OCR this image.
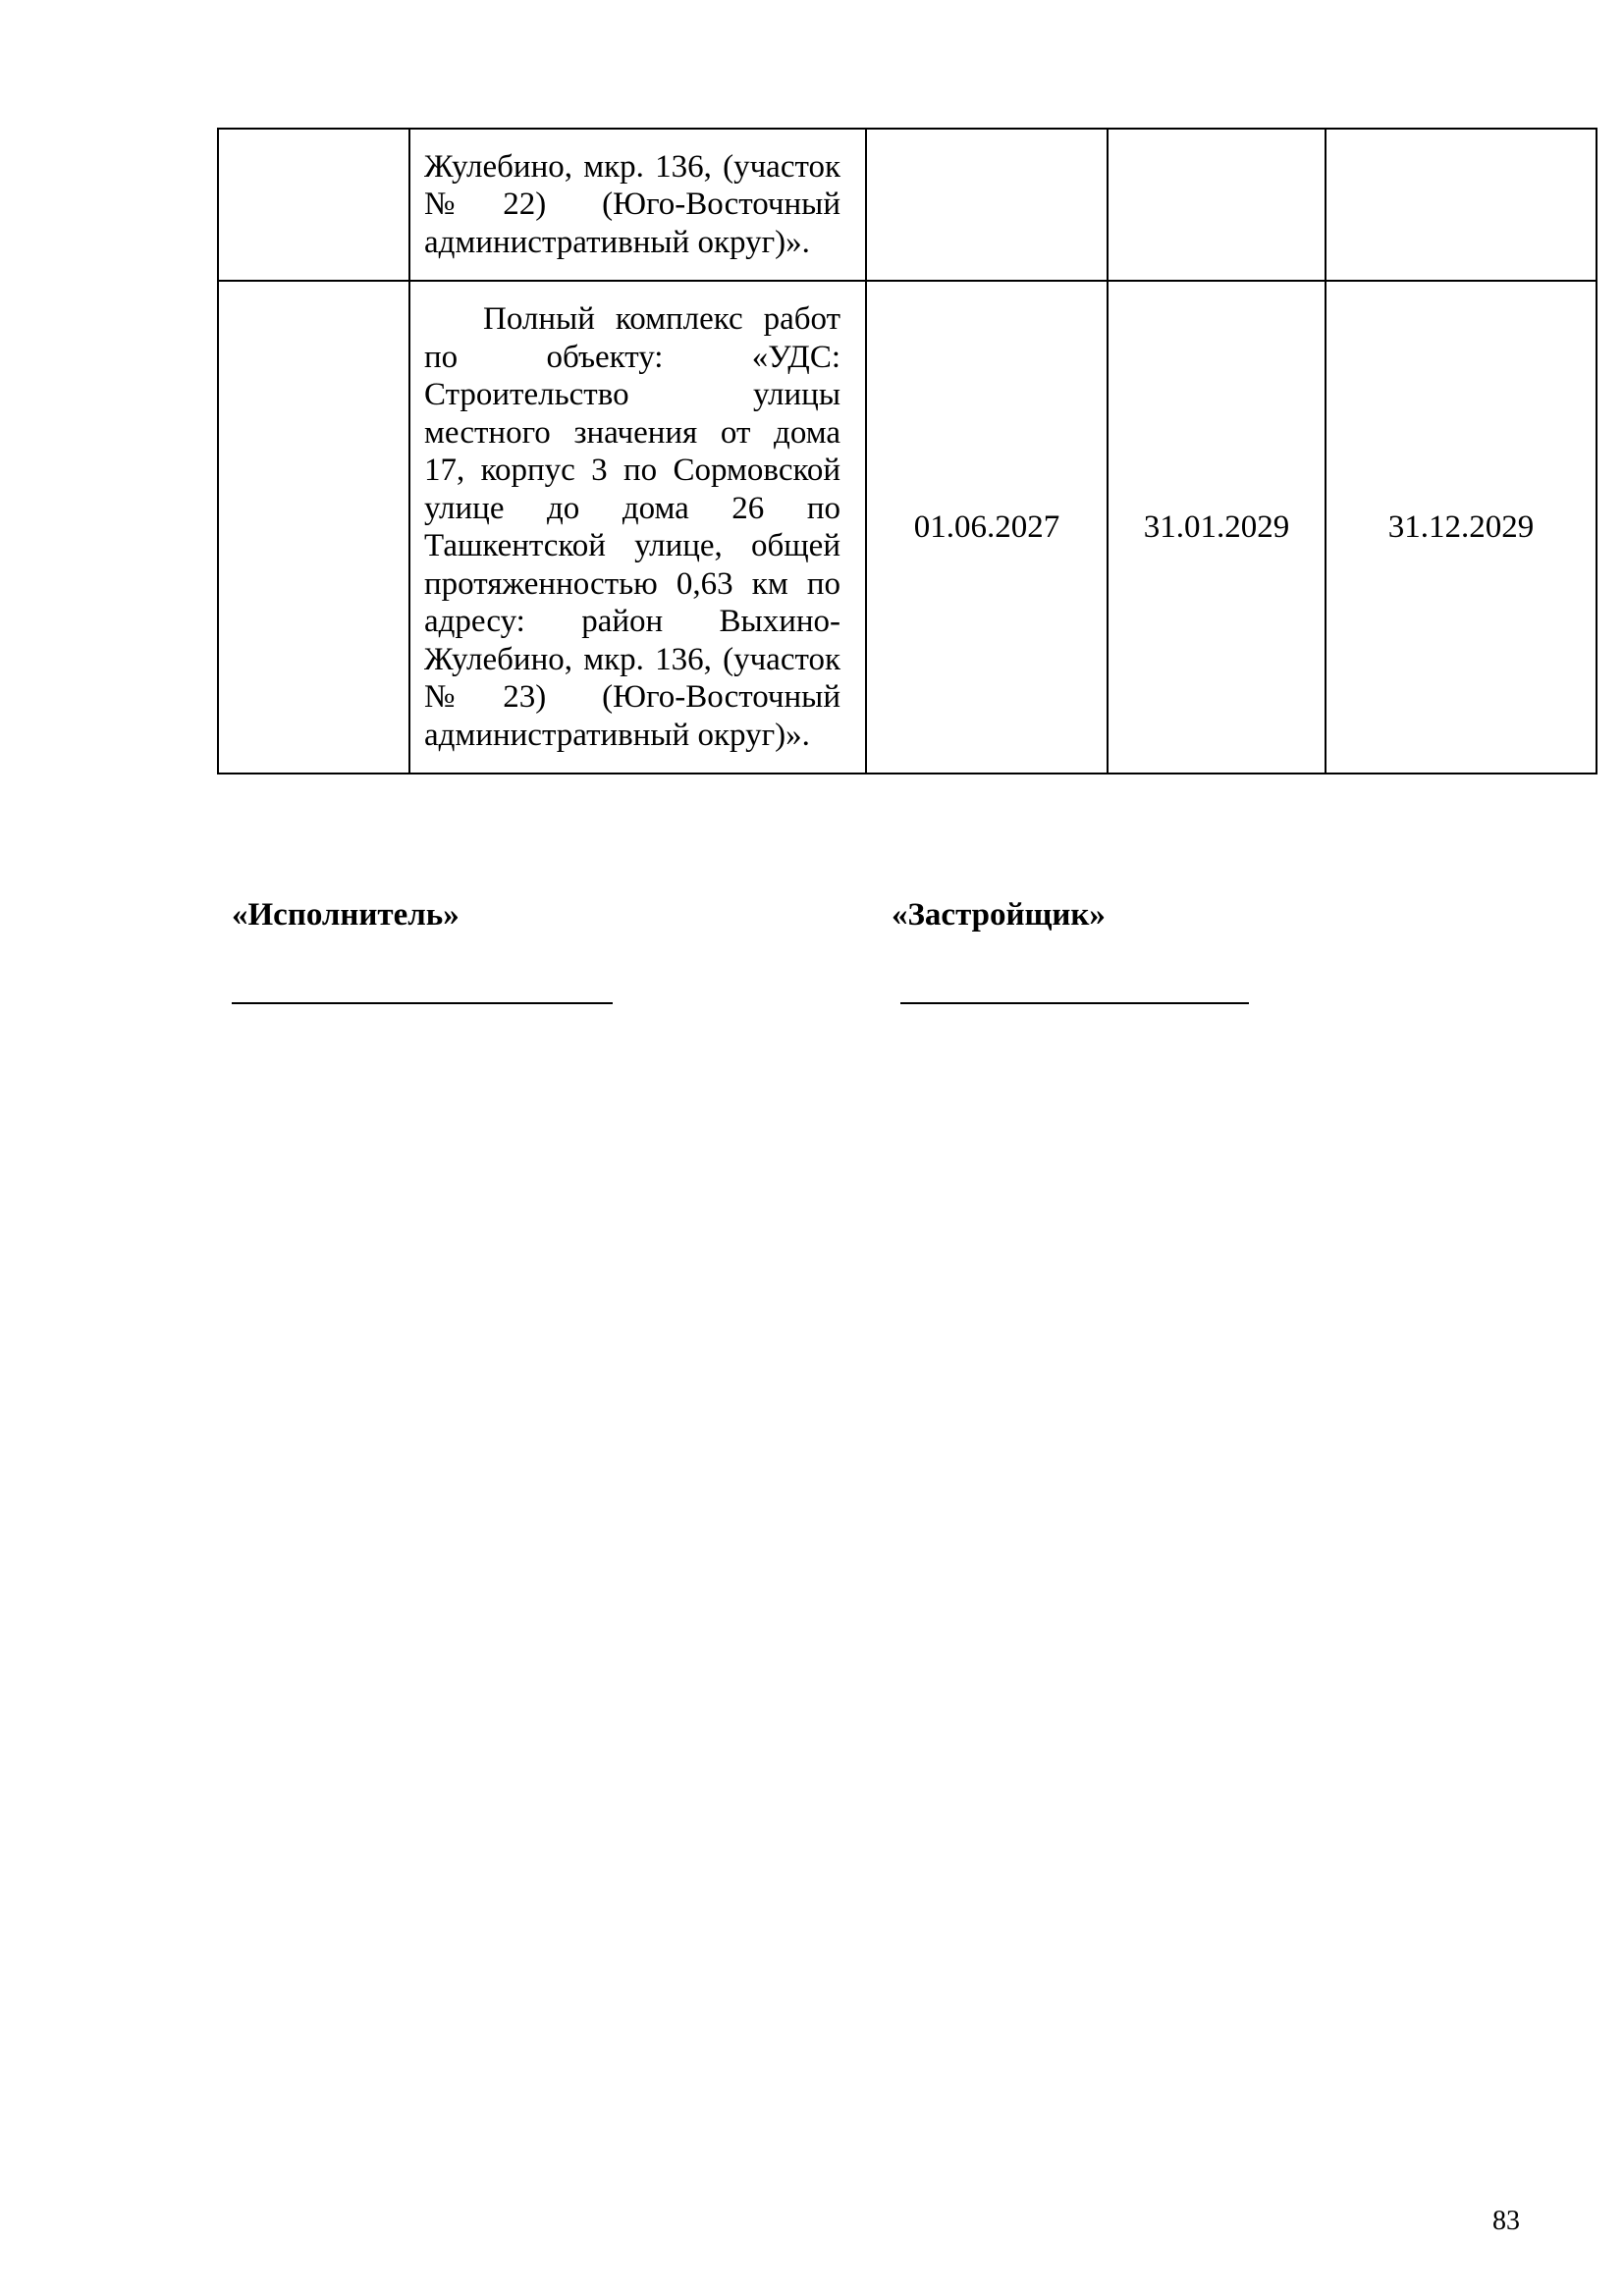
	Жулебино, мкр. 136, (участок №22) (Юго-Восточный административный округ)».			

	Полный комплекс работ по объекту: «УДС: Строительство улицы местного значения от дома 17, корпус 3 по Сормовской улице до дома 26 по Ташкентской улице, общей протяженностью 0,63 км по адресу: район Выхино-Жулебино, мкр. 136, (участок №23) (Юго-Восточный административный округ)».	01.06.2027	31.01.2029	31.12.2029
«Исполнитель»	«Застройщик»
83
